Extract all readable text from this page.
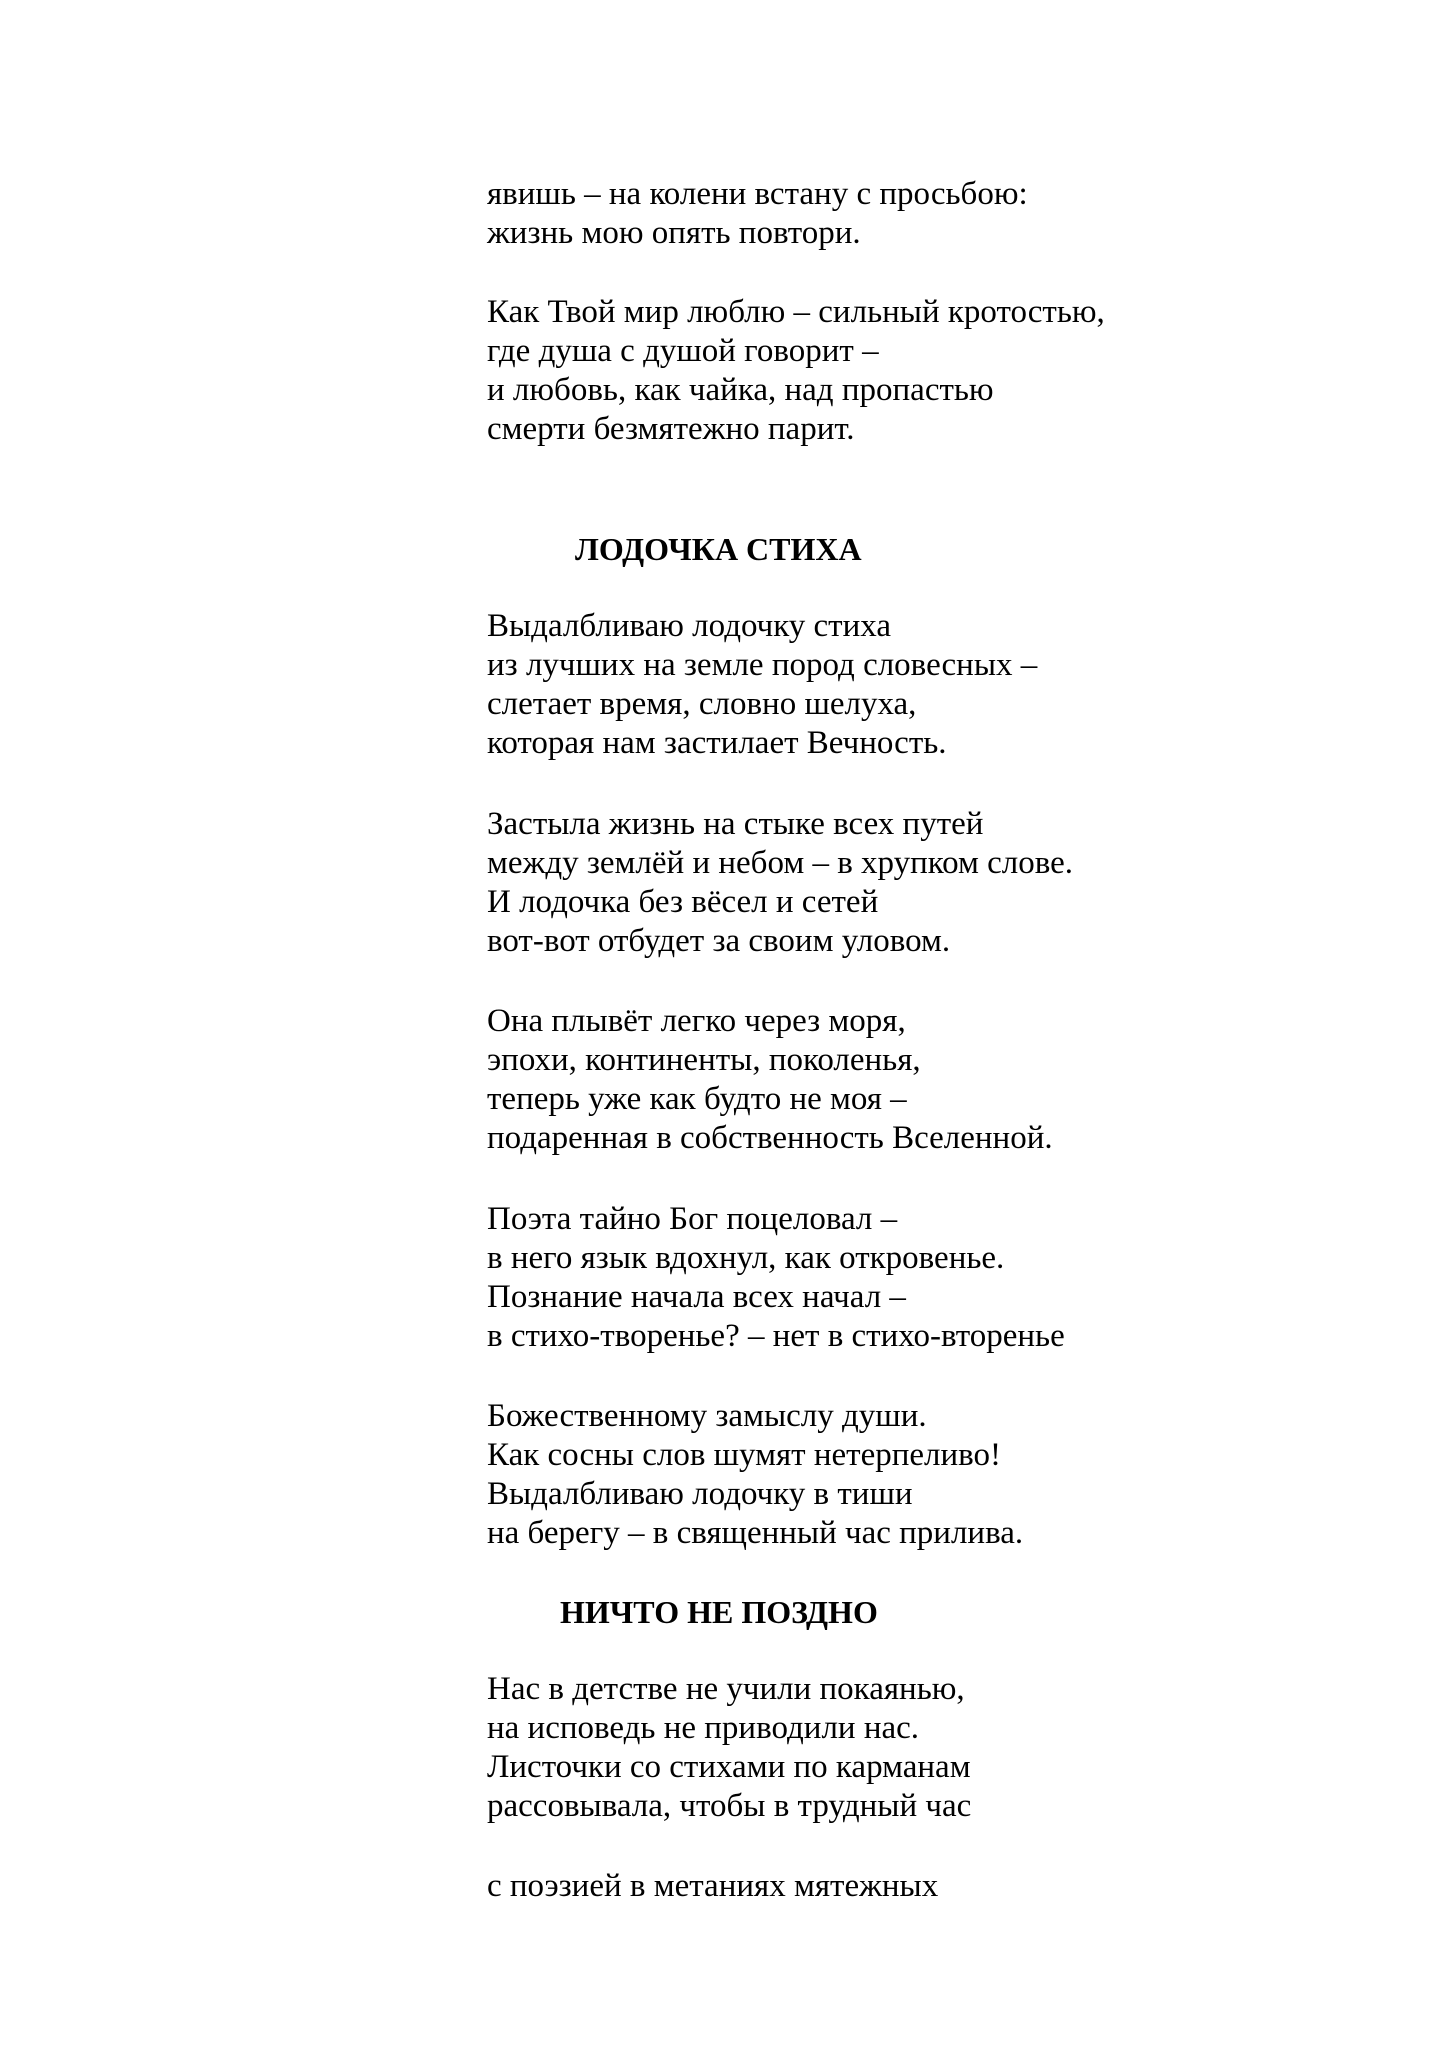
явишь – на колени встану с просьбою:
жизнь мою опять повтори.
Как Твой мир люблю – сильный кротостью,
где душа с душой говорит –
и любовь, как чайка, над пропастью
смерти безмятежно парит.
ЛОДОЧКА СТИХА
Выдалбливаю лодочку стиха
из лучших на земле пород словесных –
слетает время, словно шелуха,
которая нам застилает Вечность.
Застыла жизнь на стыке всех путей
между землёй и небом – в хрупком слове.
И лодочка без вёсел и сетей
вот-вот отбудет за своим уловом.
Она плывёт легко через моря,
эпохи, континенты, поколенья,
теперь уже как будто не моя –
подаренная в собственность Вселенной.
Поэта тайно Бог поцеловал –
в него язык вдохнул, как откровенье.
Познание начала всех начал –
в стихо-творенье? – нет в стихо-вторенье
Божественному замыслу души.
Как сосны слов шумят нетерпеливо!
Выдалбливаю лодочку в тиши
на берегу – в священный час прилива.
НИЧТО НЕ ПОЗДНО
Нас в детстве не учили покаянью,
на исповедь не приводили нас.
Листочки со стихами по карманам
рассовывала, чтобы в трудный час
с поэзией в метаниях мятежных
